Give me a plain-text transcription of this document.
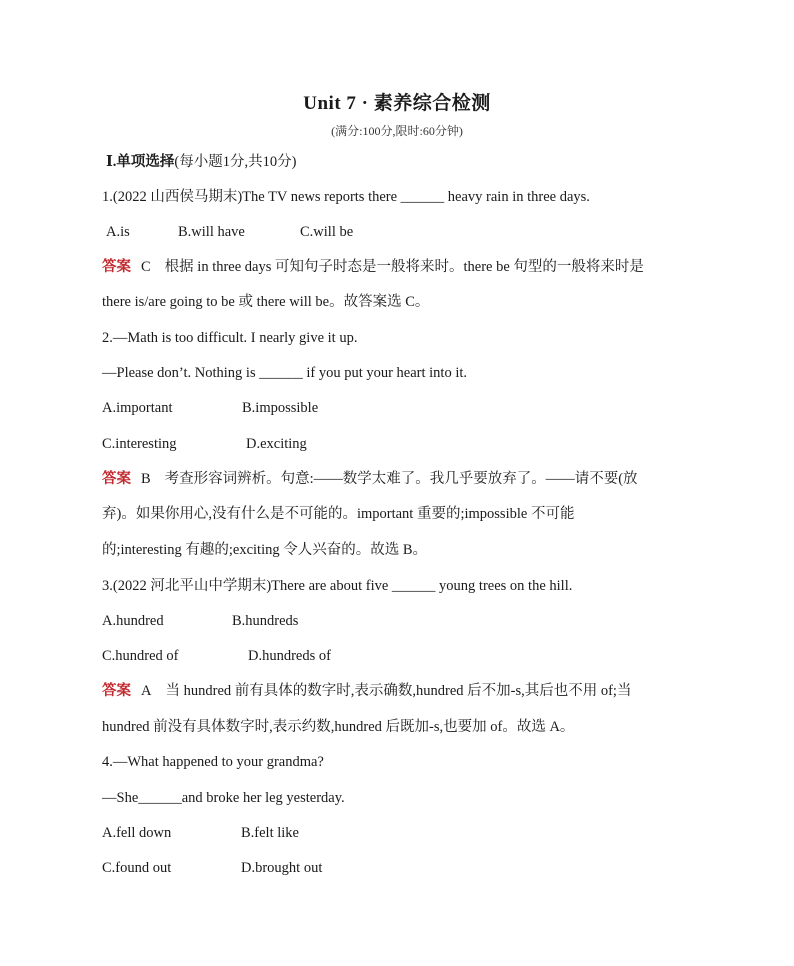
Unit 7 · 素养综合检测
(满分:100分,限时:60分钟)
Ⅰ.单项选择(每小题1分,共10分)
1.(2022 山西侯马期末)The TV news reports there ______ heavy rain in three days.
A.is	B.will have	C.will be
答案 C 根据 in three days 可知句子时态是一般将来时。there be 句型的一般将来时是
there is/are going to be 或 there will be。故答案选 C。
2.—Math is too difficult. I nearly give it up.
—Please don’t. Nothing is ______ if you put your heart into it.
A.important	B.impossible
C.interesting	D.exciting
答案 B 考查形容词辨析。句意:——数学太难了。我几乎要放弃了。——请不要(放
弃)。如果你用心,没有什么是不可能的。important 重要的;impossible 不可能
的;interesting 有趣的;exciting 令人兴奋的。故选 B。
3.(2022 河北平山中学期末)There are about five ______ young trees on the hill.
A.hundred	B.hundreds
C.hundred of	D.hundreds of
答案 A 当 hundred 前有具体的数字时,表示确数,hundred 后不加-s,其后也不用 of;当
hundred 前没有具体数字时,表示约数,hundred 后既加-s,也要加 of。故选 A。
4.—What happened to your grandma?
—She______and broke her leg yesterday.
A.fell down	B.felt like
C.found out	D.brought out
